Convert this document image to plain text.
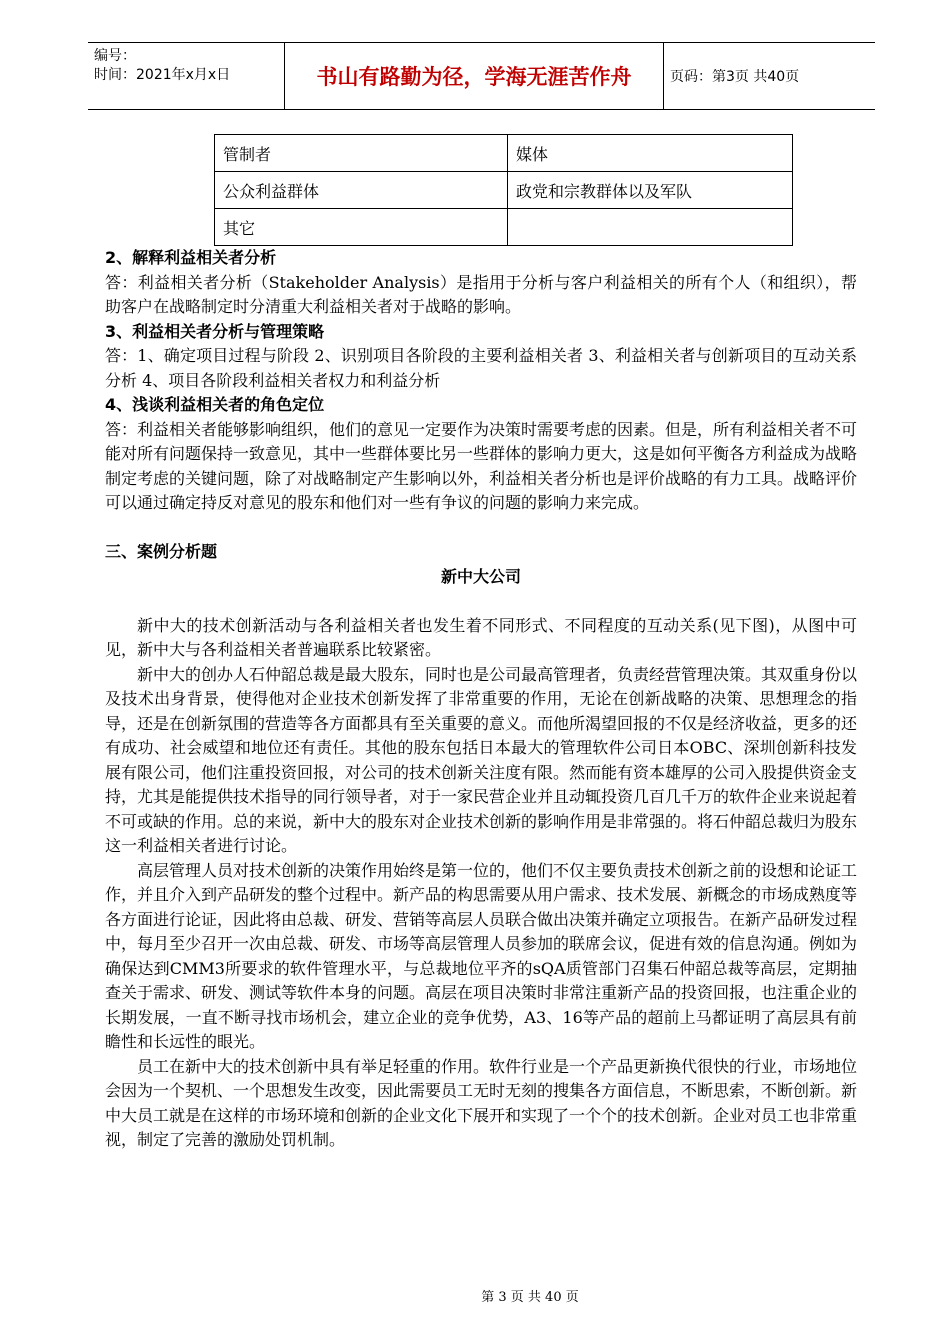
编号：
时间：2021年x月x日	书山有路勤为径，学海无涯苦作舟	页码：第3页 共40页
管制者	媒体
公众利益群体	政党和宗教群体以及军队
其它	

2、解释利益相关者分析

答：利益相关者分析（Stakeholder Analysis）是指用于分析与客户利益相关的所有个人（和组织），帮助客户在战略制定时分清重大利益相关者对于战略的影响。

3、利益相关者分析与管理策略

答：1、确定项目过程与阶段 2、识别项目各阶段的主要利益相关者 3、利益相关者与创新项目的互动关系分析 4、项目各阶段利益相关者权力和利益分析

4、浅谈利益相关者的角色定位

答：利益相关者能够影响组织，他们的意见一定要作为决策时需要考虑的因素。但是，所有利益相关者不可能对所有问题保持一致意见，其中一些群体要比另一些群体的影响力更大，这是如何平衡各方利益成为战略制定考虑的关键问题，除了对战略制定产生影响以外，利益相关者分析也是评价战略的有力工具。战略评价可以通过确定持反对意见的股东和他们对一些有争议的问题的影响力来完成。

三、案例分析题

新中大公司

新中大的技术创新活动与各利益相关者也发生着不同形式、不同程度的互动关系(见下图)，从图中可见，新中大与各利益相关者普遍联系比较紧密。

新中大的创办人石仲韶总裁是最大股东，同时也是公司最高管理者，负责经营管理决策。其双重身份以及技术出身背景，使得他对企业技术创新发挥了非常重要的作用，无论在创新战略的决策、思想理念的指导，还是在创新氛围的营造等各方面都具有至关重要的意义。而他所渴望回报的不仅是经济收益，更多的还有成功、社会威望和地位还有责任。其他的股东包括日本最大的管理软件公司日本OBC、深圳创新科技发展有限公司，他们注重投资回报，对公司的技术创新关注度有限。然而能有资本雄厚的公司入股提供资金支持，尤其是能提供技术指导的同行领导者，对于一家民营企业并且动辄投资几百几千万的软件企业来说起着不可或缺的作用。总的来说，新中大的股东对企业技术创新的影响作用是非常强的。将石仲韶总裁归为股东这一利益相关者进行讨论。

高层管理人员对技术创新的决策作用始终是第一位的，他们不仅主要负责技术创新之前的设想和论证工作，并且介入到产品研发的整个过程中。新产品的构思需要从用户需求、技术发展、新概念的市场成熟度等各方面进行论证，因此将由总裁、研发、营销等高层人员联合做出决策并确定立项报告。在新产品研发过程中，每月至少召开一次由总裁、研发、市场等高层管理人员参加的联席会议，促进有效的信息沟通。例如为确保达到CMM3所要求的软件管理水平，与总裁地位平齐的sQA质管部门召集石仲韶总裁等高层，定期抽查关于需求、研发、测试等软件本身的问题。高层在项目决策时非常注重新产品的投资回报，也注重企业的长期发展，一直不断寻找市场机会，建立企业的竞争优势，A3、16等产品的超前上马都证明了高层具有前瞻性和长远性的眼光。

员工在新中大的技术创新中具有举足轻重的作用。软件行业是一个产品更新换代很快的行业，市场地位会因为一个契机、一个思想发生改变，因此需要员工无时无刻的搜集各方面信息，不断思索，不断创新。新中大员工就是在这样的市场环境和创新的企业文化下展开和实现了一个个的技术创新。企业对员工也非常重视，制定了完善的激励处罚机制。

第 3 页 共 40 页
